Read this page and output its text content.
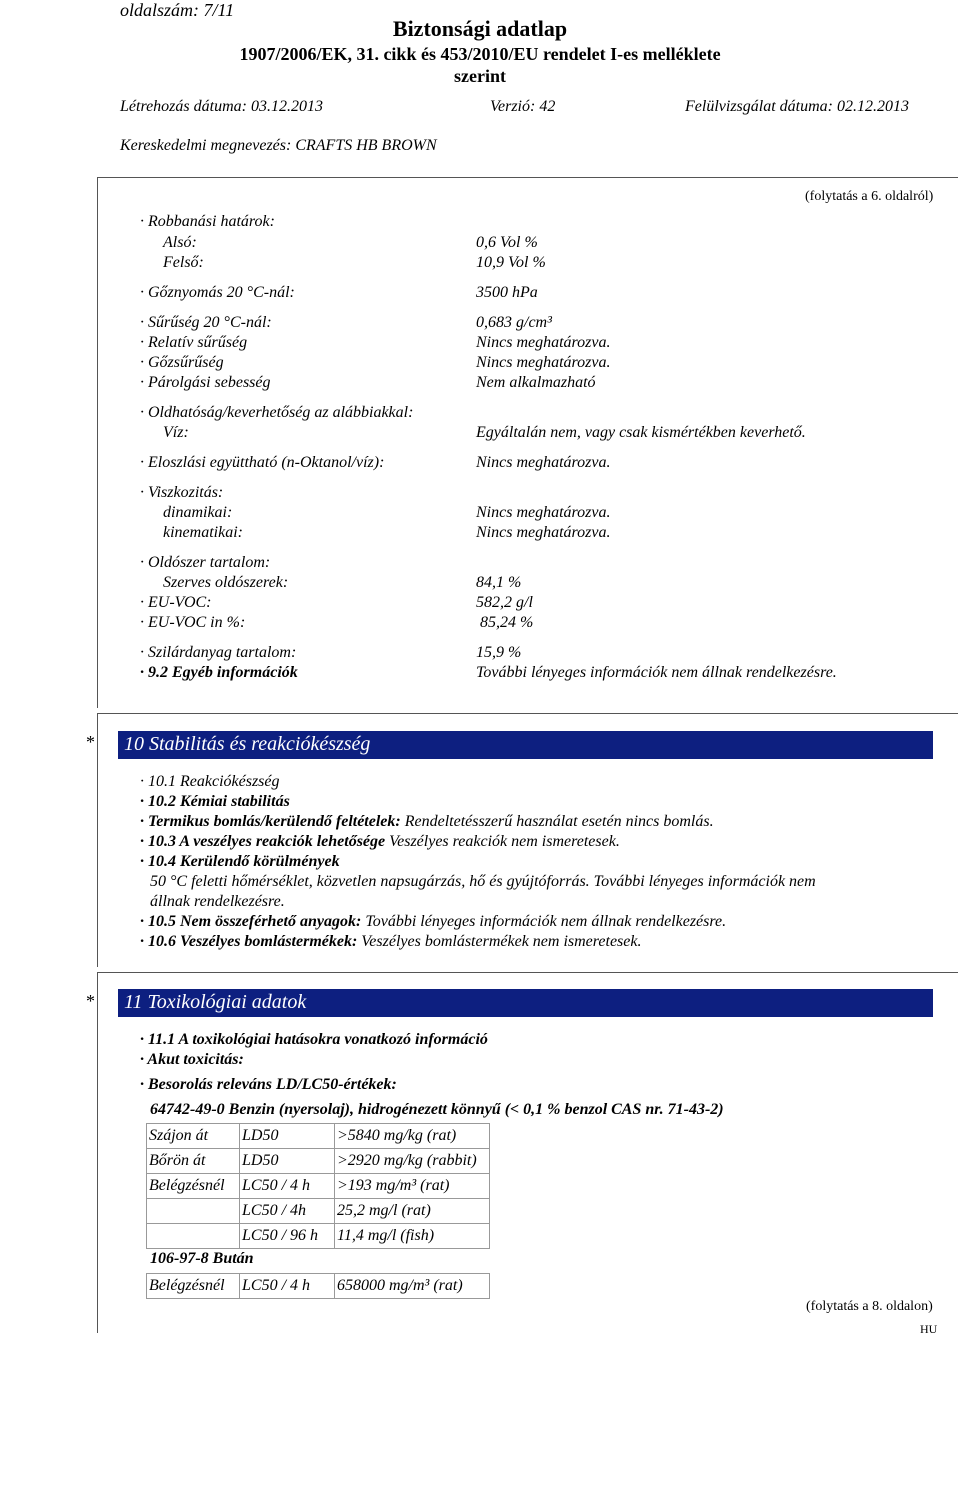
oldalszám: 7/11
Biztonsági adatlap
1907/2006/EK, 31. cikk és 453/2010/EU rendelet I-es melléklete
szerint
Létrehozás dátuma: 03.12.2013	Verzió: 42	Felülvizsgálat dátuma: 02.12.2013
Kereskedelmi megnevezés: CRAFTS HB BROWN
(folytatás a 6. oldalról)
· Robbanási határok:
Alsó:	0,6 Vol %
Felső:	10,9 Vol %
· Gőznyomás 20 °C-nál:	3500 hPa
· Sűrűség 20 °C-nál:	0,683 g/cm³
· Relatív sűrűség	Nincs meghatározva.
· Gőzsűrűség	Nincs meghatározva.
· Párolgási sebesség	Nem alkalmazható
· Oldhatóság/keverhetőség az alábbiakkal:
Víz:	Egyáltalán nem, vagy csak kismértékben keverhető.
· Eloszlási együttható (n-Oktanol/víz):	Nincs meghatározva.
· Viszkozitás:
dinamikai:	Nincs meghatározva.
kinematikai:	Nincs meghatározva.
· Oldószer tartalom:
Szerves oldószerek:	84,1 %
· EU-VOC:	582,2 g/l
· EU-VOC in %:	85,24 %
· Szilárdanyag tartalom:	15,9 %
· 9.2 Egyéb információk	További lényeges információk nem állnak rendelkezésre.
* 10 Stabilitás és reakciókészség
· 10.1 Reakciókészség
· 10.2 Kémiai stabilitás
· Termikus bomlás/kerülendő feltételek: Rendeltetésszerű használat esetén nincs bomlás.
· 10.3 A veszélyes reakciók lehetősége Veszélyes reakciók nem ismeretesek.
· 10.4 Kerülendő körülmények
50 °C feletti hőmérséklet, közvetlen napsugárzás, hő és gyújtóforrás. További lényeges információk nem
állnak rendelkezésre.
· 10.5 Nem összeférhető anyagok: További lényeges információk nem állnak rendelkezésre.
· 10.6 Veszélyes bomlástermékek: Veszélyes bomlástermékek nem ismeretesek.
* 11 Toxikológiai adatok
· 11.1 A toxikológiai hatásokra vonatkozó információ
· Akut toxicitás:
· Besorolás releváns LD/LC50-értékek:
64742-49-0 Benzin (nyersolaj), hidrogénezett könnyű (< 0,1 % benzol CAS nr. 71-43-2)
Szájon át	LD50	>5840 mg/kg (rat)
Bőrön át	LD50	>2920 mg/kg (rabbit)
Belégzésnél	LC50 / 4 h	>193 mg/m³ (rat)
	LC50 / 4h	25,2 mg/l (rat)
	LC50 / 96 h	11,4 mg/l (fish)
106-97-8 Bután
Belégzésnél	LC50 / 4 h	658000 mg/m³ (rat)
(folytatás a 8. oldalon)
HU
